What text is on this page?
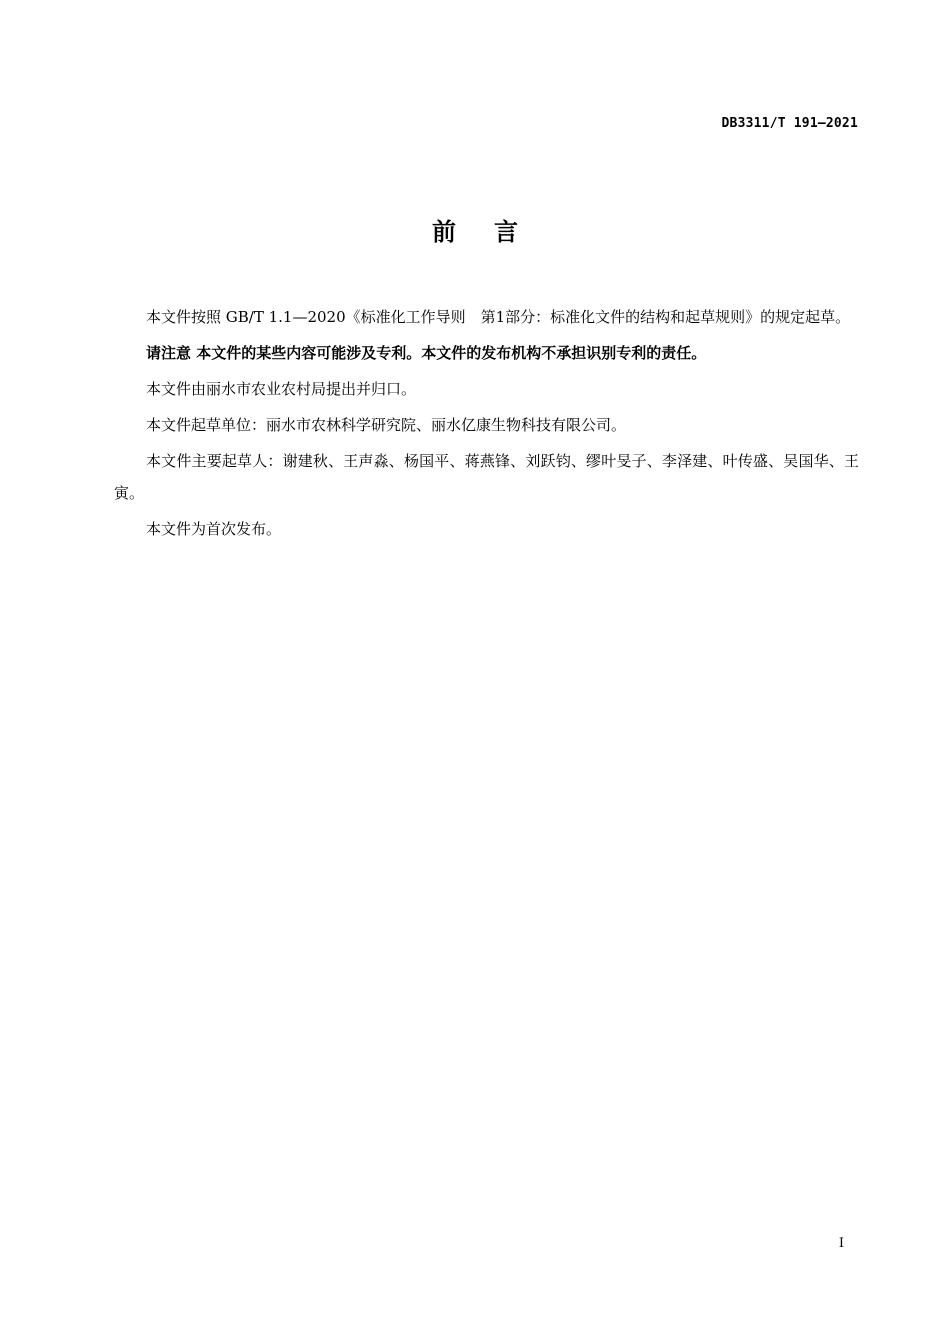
DB3311/T 191—2021
前言

本文件按照 GB/T 1.1—2020《标准化工作导则　第1部分：标准化文件的结构和起草规则》的规定起草。

请注意 本文件的某些内容可能涉及专利。本文件的发布机构不承担识别专利的责任。

本文件由丽水市农业农村局提出并归口。

本文件起草单位：丽水市农林科学研究院、丽水亿康生物科技有限公司。

本文件主要起草人：谢建秋、王声淼、杨国平、蒋燕锋、刘跃钧、缪叶旻子、李泽建、叶传盛、吴国华、王寅。

本文件为首次发布。

I
